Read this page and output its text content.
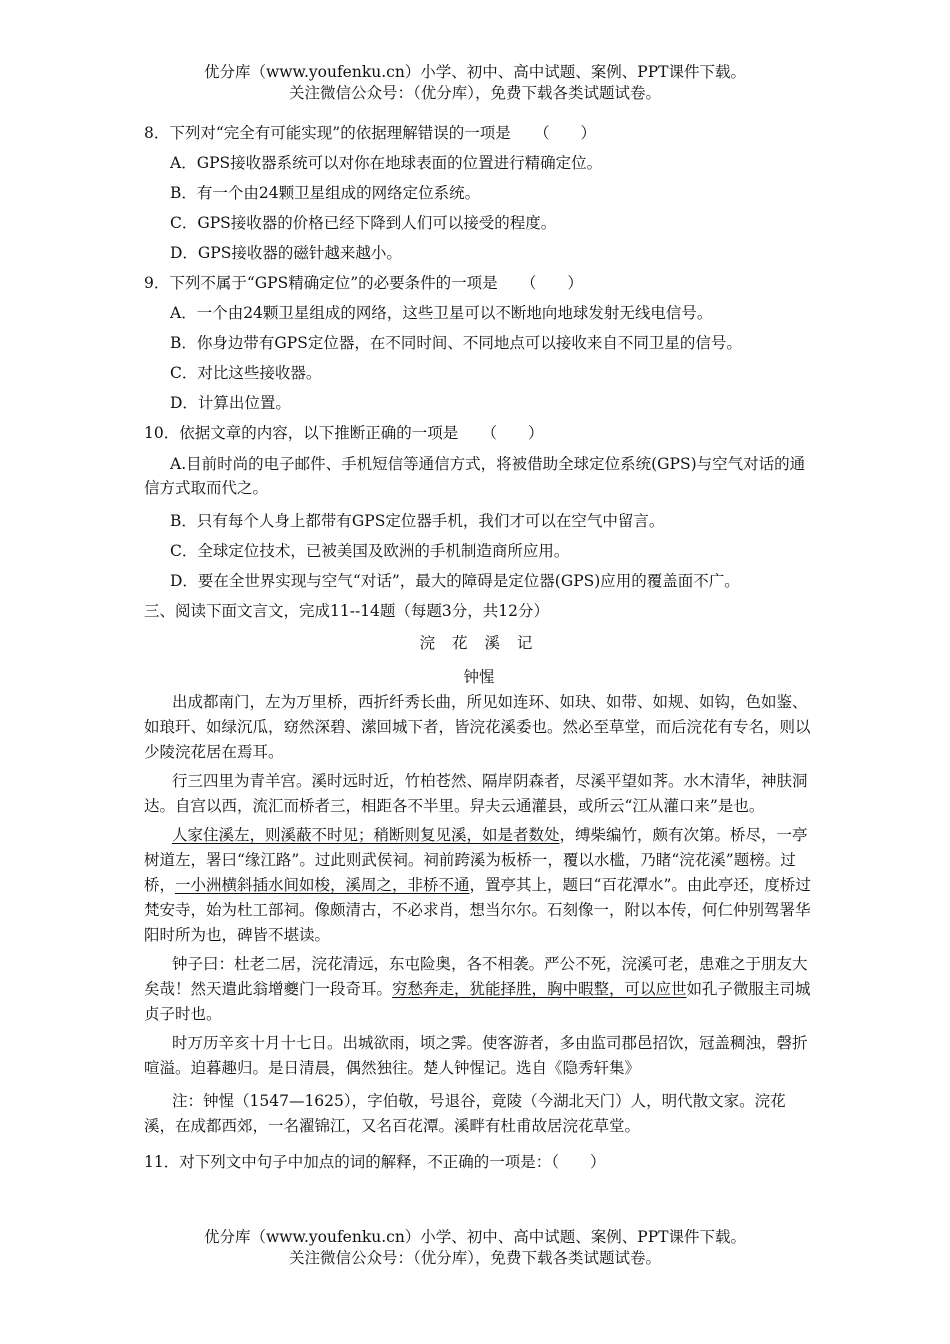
优分库（www.youfenku.cn）小学、初中、高中试题、案例、PPT课件下载。
关注微信公众号：（优分库），免费下载各类试题试卷。

8．下列对“完全有可能实现”的依据理解错误的一项是　　（　　）

A．GPS接收器系统可以对你在地球表面的位置进行精确定位。

B．有一个由24颗卫星组成的网络定位系统。

C．GPS接收器的价格已经下降到人们可以接受的程度。

D．GPS接收器的磁针越来越小。

9．下列不属于“GPS精确定位”的必要条件的一项是　　（　　）

A．一个由24颗卫星组成的网络，这些卫星可以不断地向地球发射无线电信号。

B．你身边带有GPS定位器，在不同时间、不同地点可以接收来自不同卫星的信号。

C．对比这些接收器。

D．计算出位置。

10．依据文章的内容，以下推断正确的一项是　　（　　）

A.目前时尚的电子邮件、手机短信等通信方式，将被借助全球定位系统(GPS)与空气对话的通信方式取而代之。

B．只有每个人身上都带有GPS定位器手机，我们才可以在空气中留言。

C．全球定位技术，已被美国及欧洲的手机制造商所应用。

D．要在全世界实现与空气“对话”，最大的障碍是定位器(GPS)应用的覆盖面不广。

三、阅读下面文言文，完成11--14题（每题3分，共12分）

浣 花 溪 记

钟惺

出成都南门，左为万里桥，西折纤秀长曲，所见如连环、如玦、如带、如规、如钩，色如鉴、如琅玕、如绿沉瓜，窈然深碧、潆回城下者，皆浣花溪委也。然必至草堂，而后浣花有专名，则以少陵浣花居在焉耳。

行三四里为青羊宫。溪时远时近，竹柏苍然、隔岸阴森者，尽溪平望如荠。水木清华，神肤洞达。自宫以西，流汇而桥者三，相距各不半里。舁夫云通灌县，或所云“江从灌口来”是也。

人家住溪左，则溪蔽不时见；稍断则复见溪，如是者数处，缚柴编竹，颇有次第。桥尽，一亭树道左，署曰“缘江路”。过此则武侯祠。祠前跨溪为板桥一，覆以水槛，乃睹“浣花溪”题榜。过桥，一小洲横斜插水间如梭，溪周之，非桥不通，置亭其上，题曰“百花潭水”。由此亭还，度桥过梵安寺，始为杜工部祠。像颇清古，不必求肖，想当尔尔。石刻像一，附以本传，何仁仲别驾署华阳时所为也，碑皆不堪读。

钟子曰：杜老二居，浣花清远，东屯险奥，各不相袭。严公不死，浣溪可老，患难之于朋友大矣哉！然天遣此翁增夔门一段奇耳。穷愁奔走，犹能择胜，胸中暇整，可以应世如孔子微服主司城贞子时也。

时万历辛亥十月十七日。出城欲雨，顷之霁。使客游者，多由监司郡邑招饮，冠盖稠浊，磬折喧溢。迫暮趣归。是日清晨，偶然独往。楚人钟惺记。选自《隐秀轩集》

注：钟惺（1547—1625），字伯敬，号退谷，竟陵（今湖北天门）人，明代散文家。浣花溪，在成都西郊，一名濯锦江，又名百花潭。溪畔有杜甫故居浣花草堂。

11．对下列文中句子中加点的词的解释，不正确的一项是：（　　）

优分库（www.youfenku.cn）小学、初中、高中试题、案例、PPT课件下载。
关注微信公众号：（优分库），免费下载各类试题试卷。
